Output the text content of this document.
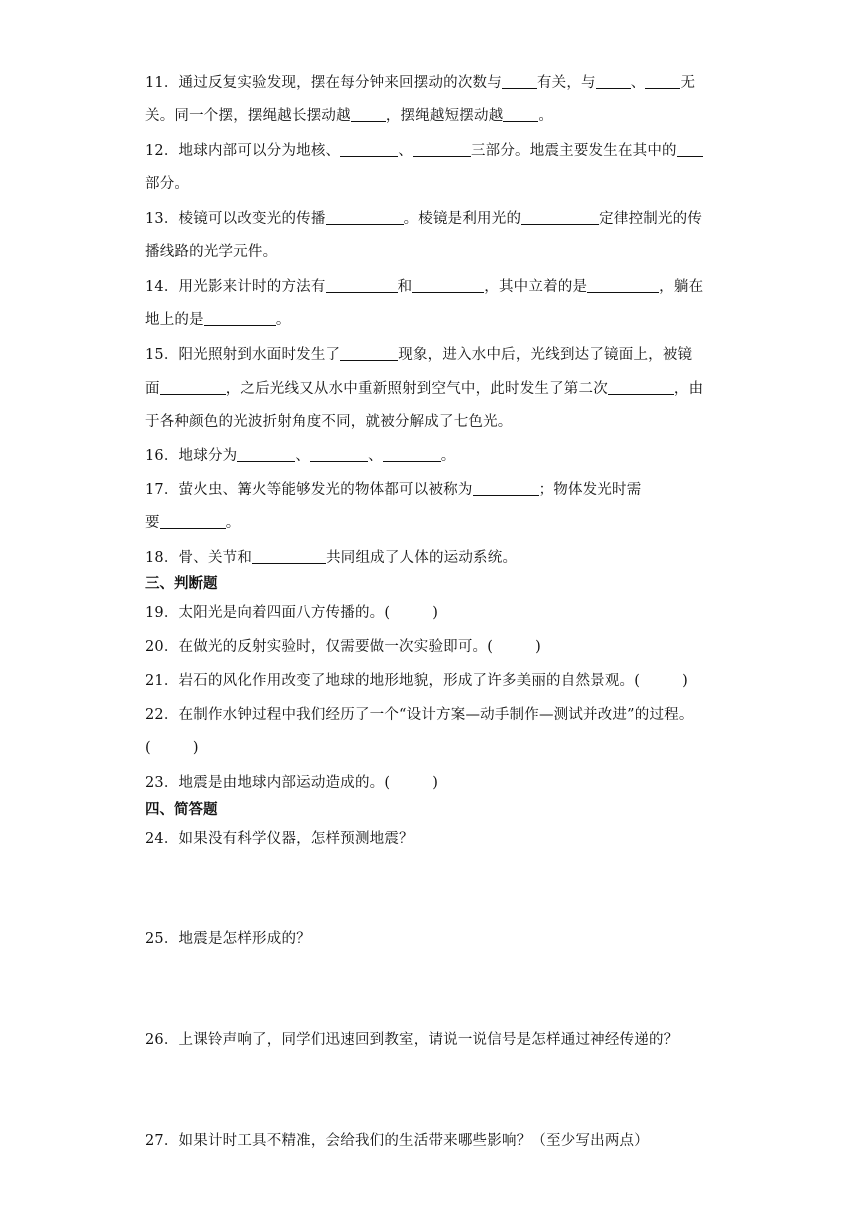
11．通过反复实验发现，摆在每分钟来回摆动的次数与 有关，与 、 无
关。同一个摆，摆绳越长摆动越 ，摆绳越短摆动越 。
12．地球内部可以分为地核、	、	三部分。地震主要发生在其中的
部分。
13．棱镜可以改变光的传播	。棱镜是利用光的	定律控制光的传
播线路的光学元件。
14．用光影来计时的方法有	和	，其中立着的是	，躺在
地上的是	。
15．阳光照射到水面时发生了	现象，进入水中后，光线到达了镜面上，被镜
面	，之后光线又从水中重新照射到空气中，此时发生了第二次	，由
于各种颜色的光波折射角度不同，就被分解成了七色光。
16．地球分为	、	、	。
17．萤火虫、篝火等能够发光的物体都可以被称为	；物体发光时需
要	。
18．骨、关节和	共同组成了人体的运动系统。
三、判断题
19．太阳光是向着四面八方传播的。(	)
20．在做光的反射实验时，仅需要做一次实验即可。(	)
21．岩石的风化作用改变了地球的地形地貌，形成了许多美丽的自然景观。(	)
22．在制作水钟过程中我们经历了一个“设计方案—动手制作—测试并改进”的过程。
(	)
23．地震是由地球内部运动造成的。(	)
四、简答题
24．如果没有科学仪器，怎样预测地震？
25．地震是怎样形成的？
26．上课铃声响了，同学们迅速回到教室，请说一说信号是怎样通过神经传递的？
27．如果计时工具不精准，会给我们的生活带来哪些影响？（至少写出两点）
